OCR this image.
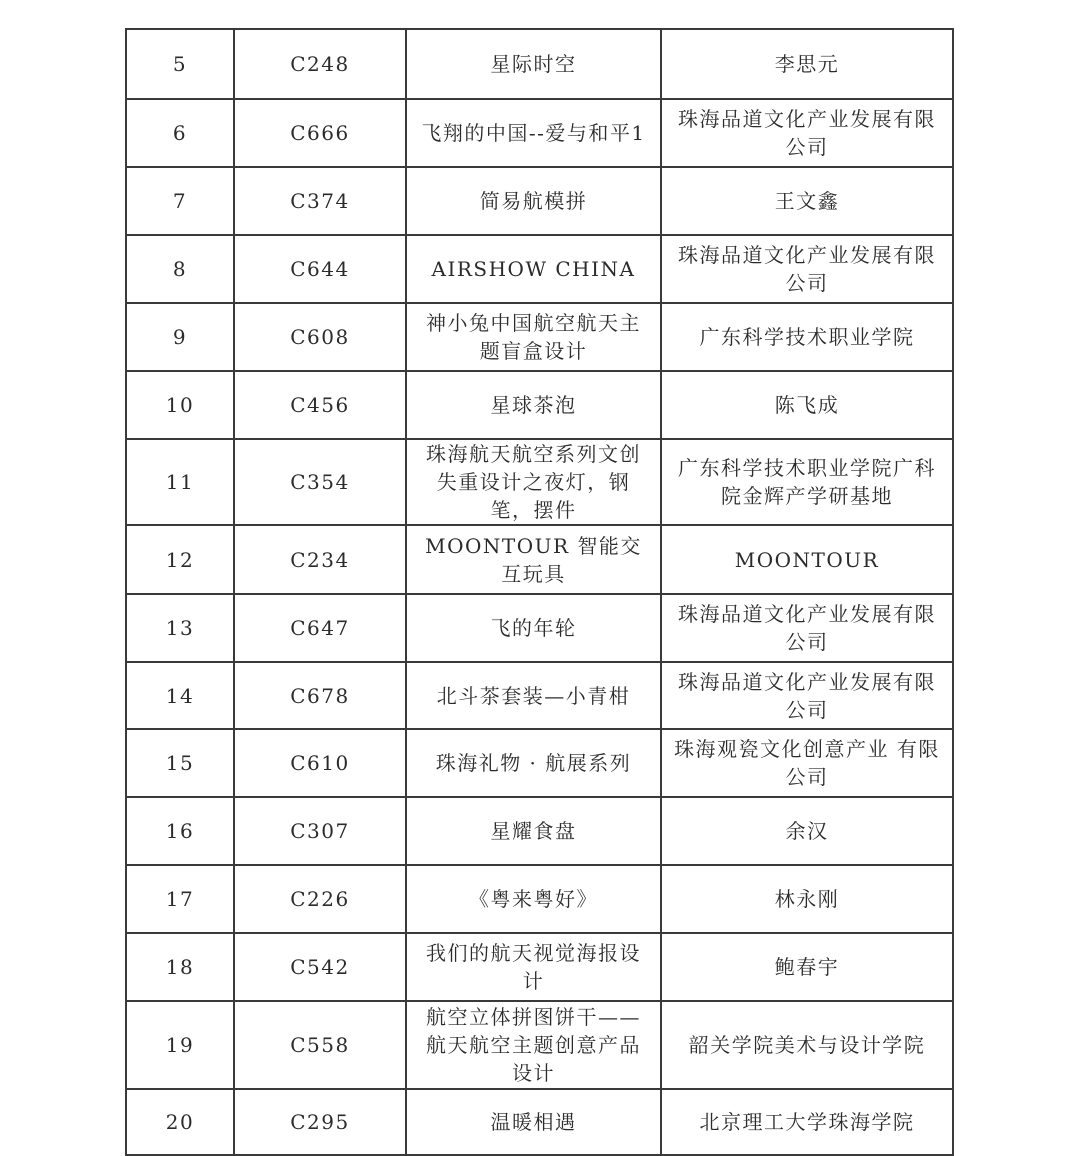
5	C248	星际时空	李思元
6	C666	飞翔的中国--爱与和平1	珠海品道文化产业发展有限公司
7	C374	简易航模拼	王文鑫
8	C644	AIRSHOW CHINA	珠海品道文化产业发展有限公司
9	C608	神小兔中国航空航天主题盲盒设计	广东科学技术职业学院
10	C456	星球茶泡	陈飞成
11	C354	珠海航天航空系列文创失重设计之夜灯，钢笔，摆件	广东科学技术职业学院广科院金辉产学研基地
12	C234	MOONTOUR 智能交互玩具	MOONTOUR
13	C647	飞的年轮	珠海品道文化产业发展有限公司
14	C678	北斗茶套装—小青柑	珠海品道文化产业发展有限公司
15	C610	珠海礼物 · 航展系列	珠海观瓷文化创意产业 有限公司
16	C307	星耀食盘	余汉
17	C226	《粤来粤好》	林永刚
18	C542	我们的航天视觉海报设计	鲍春宇
19	C558	航空立体拼图饼干——航天航空主题创意产品设计	韶关学院美术与设计学院
20	C295	温暖相遇	北京理工大学珠海学院
